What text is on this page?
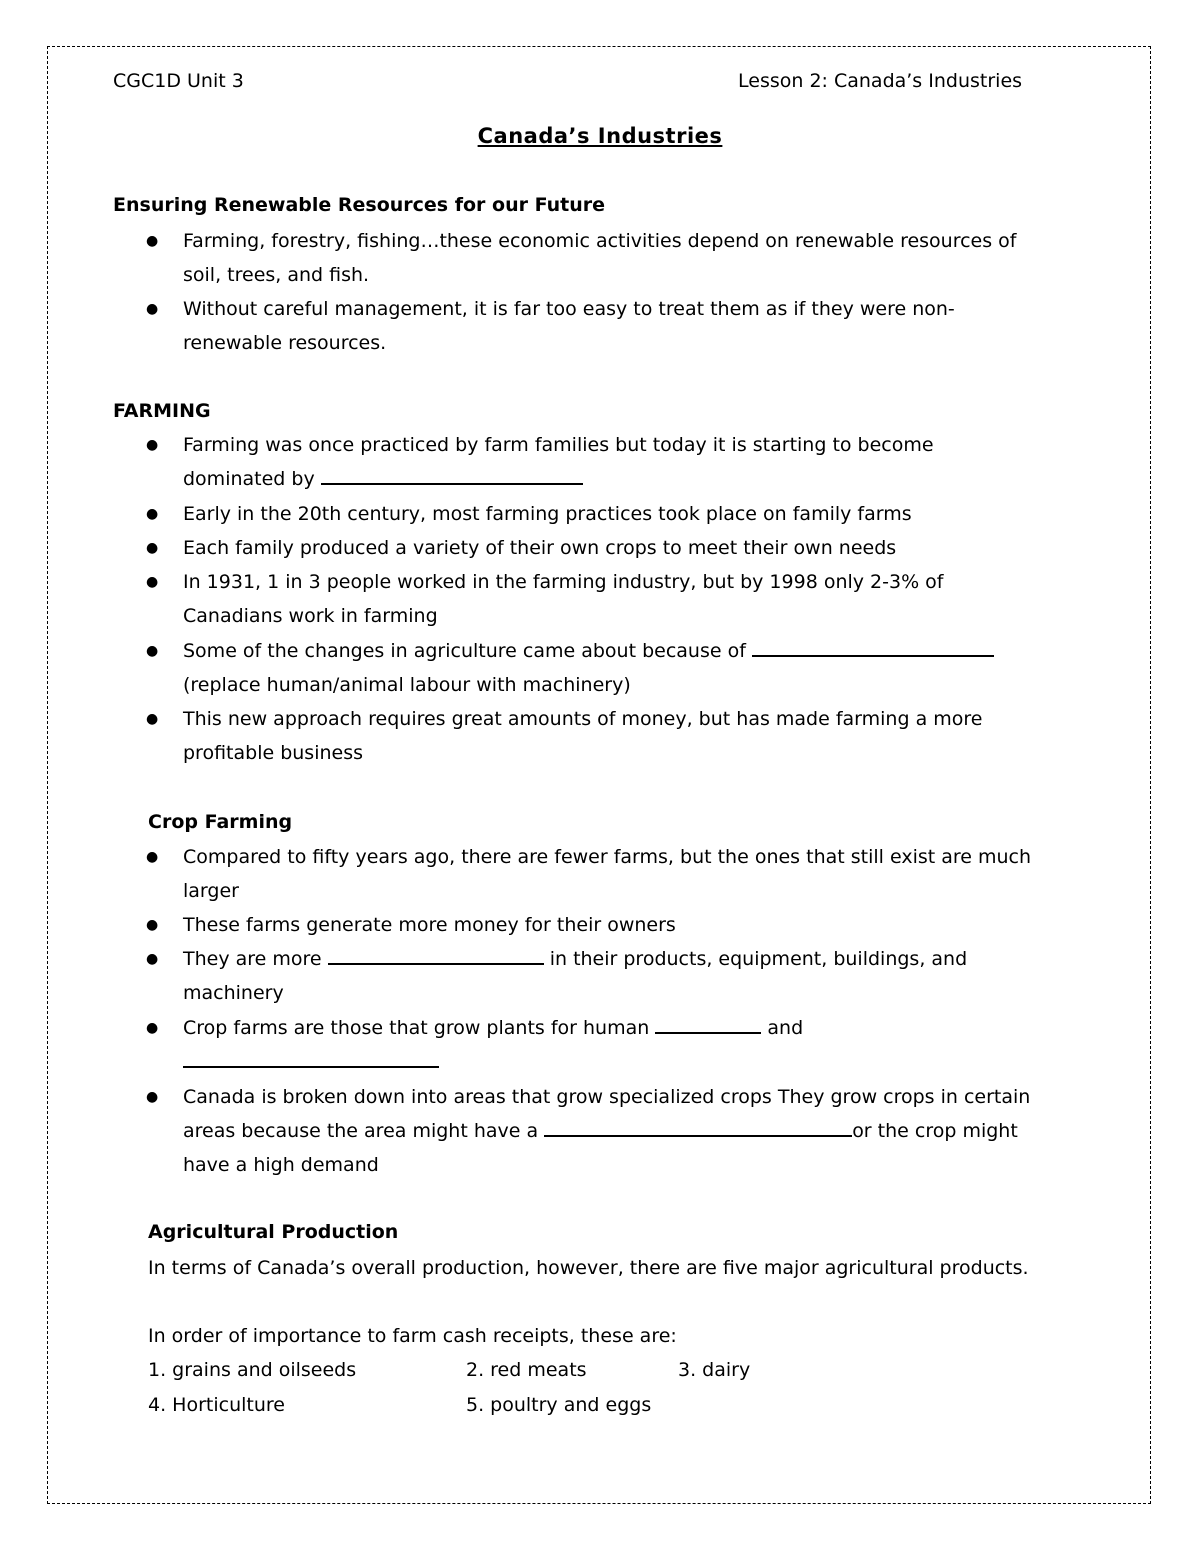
CGC1D Unit 3	Lesson 2: Canada’s Industries
Canada’s Industries
Ensuring Renewable Resources for our Future
● Farming, forestry, fishing…these economic activities depend on renewable resources of
soil, trees, and fish.
● Without careful management, it is far too easy to treat them as if they were non-
renewable resources.
FARMING
● Farming was once practiced by farm families but today it is starting to become
dominated by
● Early in the 20th century, most farming practices took place on family farms
● Each family produced a variety of their own crops to meet their own needs
● In 1931, 1 in 3 people worked in the farming industry, but by 1998 only 2-3% of
Canadians work in farming
● Some of the changes in agriculture came about because of
(replace human/animal labour with machinery)
● This new approach requires great amounts of money, but has made farming a more
profitable business
Crop Farming
● Compared to fifty years ago, there are fewer farms, but the ones that still exist are much
larger
● These farms generate more money for their owners
● They are more	in their products, equipment, buildings, and
machinery
● Crop farms are those that grow plants for human	and

● Canada is broken down into areas that grow specialized crops They grow crops in certain
areas because the area might have a	or the crop might
have a high demand
Agricultural Production
In terms of Canada’s overall production, however, there are five major agricultural products.
In order of importance to farm cash receipts, these are:
1. grains and oilseeds	2. red meats	3. dairy
4. Horticulture	5. poultry and eggs
